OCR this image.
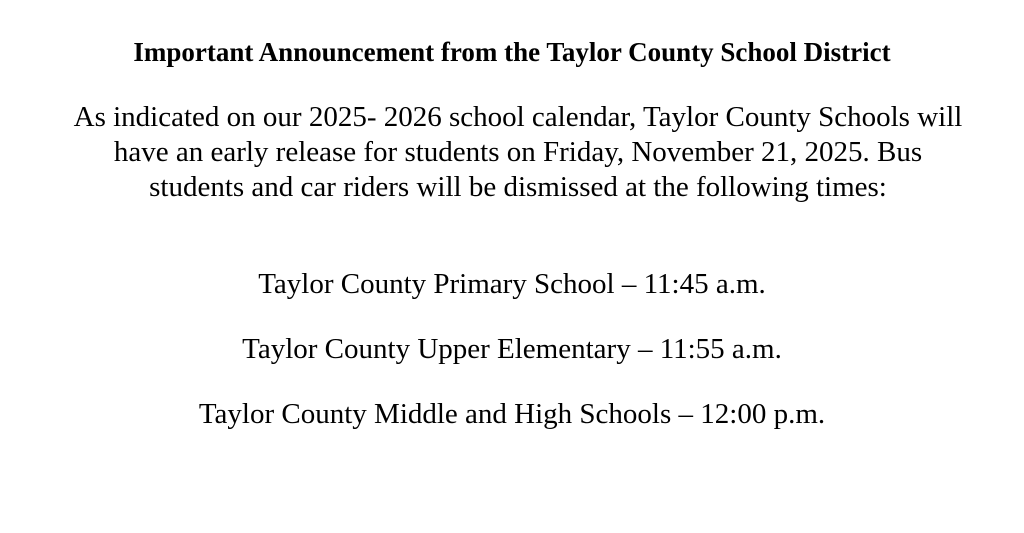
Important Announcement from the Taylor County School District

As indicated on our 2025- 2026 school calendar, Taylor County Schools will
have an early release for students on Friday, November 21, 2025. Bus
students and car riders will be dismissed at the following times:

Taylor County Primary School – 11:45 a.m.
Taylor County Upper Elementary – 11:55 a.m.
Taylor County Middle and High Schools – 12:00 p.m.
